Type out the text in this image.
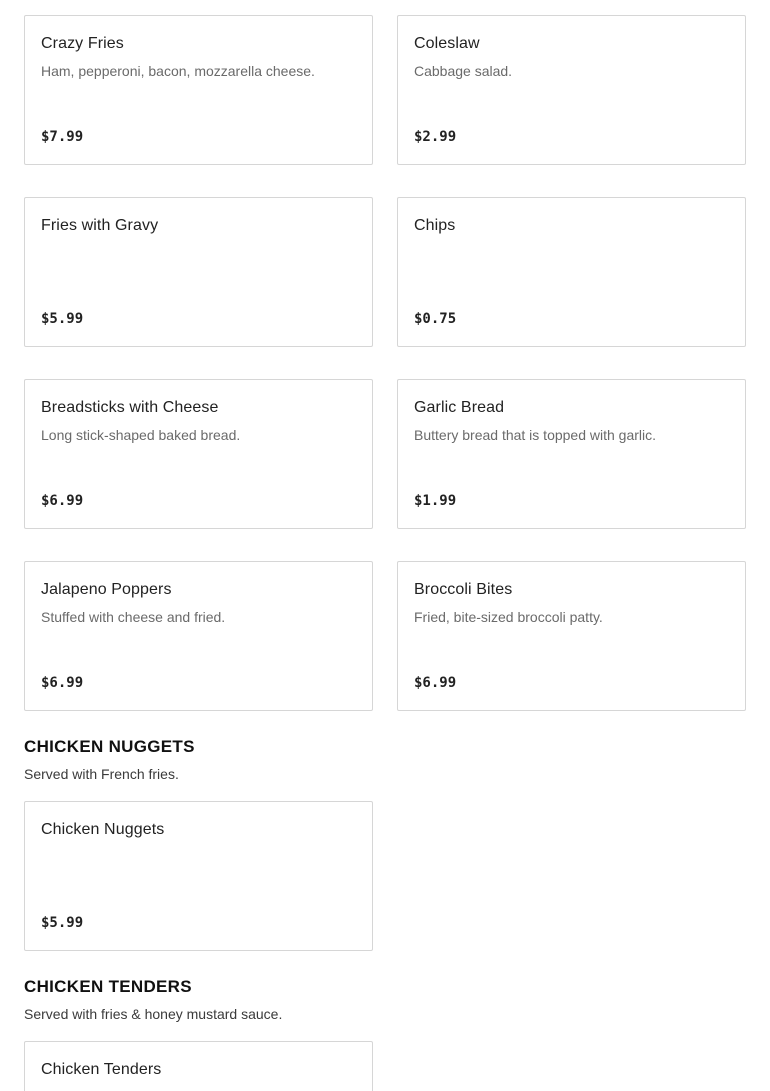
Crazy Fries
Ham, pepperoni, bacon, mozzarella cheese.
$7.99
Coleslaw
Cabbage salad.
$2.99
Fries with Gravy
$5.99
Chips
$0.75
Breadsticks with Cheese
Long stick-shaped baked bread.
$6.99
Garlic Bread
Buttery bread that is topped with garlic.
$1.99
Jalapeno Poppers
Stuffed with cheese and fried.
$6.99
Broccoli Bites
Fried, bite-sized broccoli patty.
$6.99
CHICKEN NUGGETS
Served with French fries.
Chicken Nuggets
$5.99
CHICKEN TENDERS
Served with fries & honey mustard sauce.
Chicken Tenders
